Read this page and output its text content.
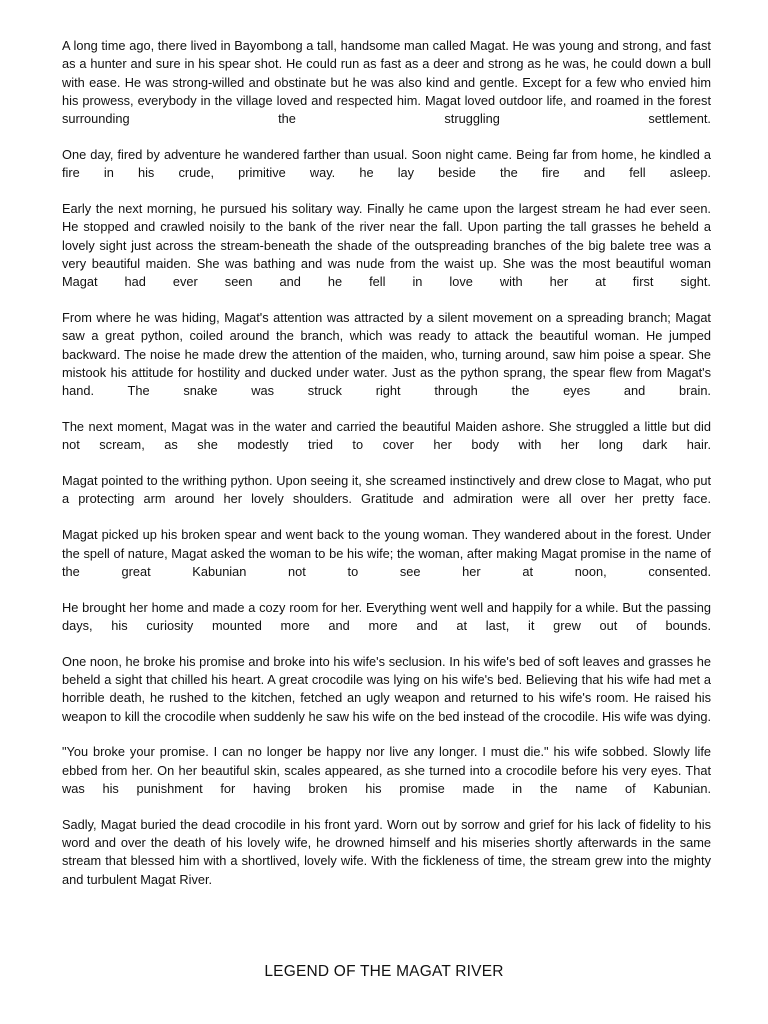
A long time ago, there lived in Bayombong a tall, handsome man called Magat. He was young and strong, and fast as a hunter and sure in his spear shot. He could run as fast as a deer and strong as he was, he could down a bull with ease. He was strong-willed and obstinate but he was also kind and gentle. Except for a few who envied him his prowess, everybody in the village loved and respected him. Magat loved outdoor life, and roamed in the forest surrounding the struggling settlement.

One day, fired by adventure he wandered farther than usual. Soon night came. Being far from home, he kindled a fire in his crude, primitive way. he lay beside the fire and fell asleep.

Early the next morning, he pursued his solitary way. Finally he came upon the largest stream he had ever seen. He stopped and crawled noisily to the bank of the river near the fall. Upon parting the tall grasses he beheld a lovely sight just across the stream-beneath the shade of the outspreading branches of the big balete tree was a very beautiful maiden. She was bathing and was nude from the waist up. She was the most beautiful woman Magat had ever seen and he fell in love with her at first sight.

From where he was hiding, Magat's attention was attracted by a silent movement on a spreading branch; Magat saw a great python, coiled around the branch, which was ready to attack the beautiful woman. He jumped backward. The noise he made drew the attention of the maiden, who, turning around, saw him poise a spear. She mistook his attitude for hostility and ducked under water. Just as the python sprang, the spear flew from Magat's hand. The snake was struck right through the eyes and brain.

The next moment, Magat was in the water and carried the beautiful Maiden ashore. She struggled a little but did not scream, as she modestly tried to cover her body with her long dark hair.

Magat pointed to the writhing python. Upon seeing it, she screamed instinctively and drew close to Magat, who put a protecting arm around her lovely shoulders. Gratitude and admiration were all over her pretty face.

Magat picked up his broken spear and went back to the young woman. They wandered about in the forest. Under the spell of nature, Magat asked the woman to be his wife; the woman, after making Magat promise in the name of the great Kabunian not to see her at noon, consented.

He brought her home and made a cozy room for her. Everything went well and happily for a while. But the passing days, his curiosity mounted more and more and at last, it grew out of bounds.

One noon, he broke his promise and broke into his wife's seclusion. In his wife's bed of soft leaves and grasses he beheld a sight that chilled his heart. A great crocodile was lying on his wife's bed. Believing that his wife had met a horrible death, he rushed to the kitchen, fetched an ugly weapon and returned to his wife's room. He raised his weapon to kill the crocodile when suddenly he saw his wife on the bed instead of the crocodile. His wife was dying.

"You broke your promise. I can no longer be happy nor live any longer. I must die." his wife sobbed. Slowly life ebbed from her. On her beautiful skin, scales appeared, as she turned into a crocodile before his very eyes. That was his punishment for having broken his promise made in the name of Kabunian.

Sadly, Magat buried the dead crocodile in his front yard. Worn out by sorrow and grief for his lack of fidelity to his word and over the death of his lovely wife, he drowned himself and his miseries shortly afterwards in the same stream that blessed him with a shortlived, lovely wife. With the fickleness of time, the stream grew into the mighty and turbulent Magat River.

LEGEND OF THE MAGAT RIVER
